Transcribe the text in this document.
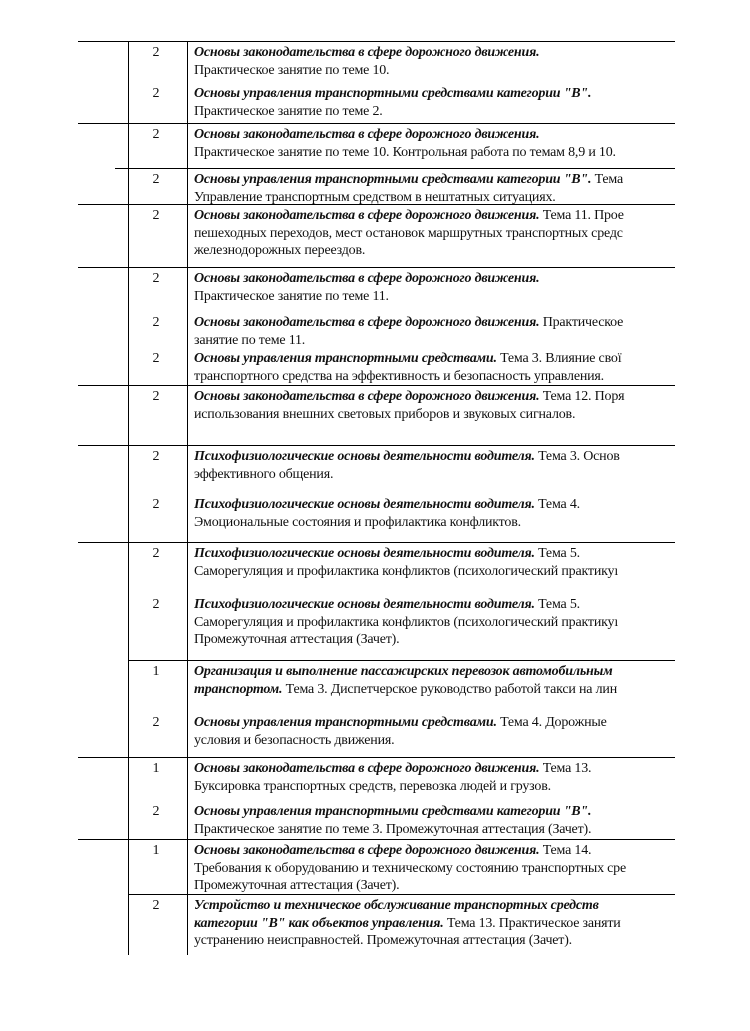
2	Основы законодательства в сфере дорожного движения.
Практическое занятие по теме 10.
2	Основы управления транспортными средствами категории "В".
Практическое занятие по теме 2.
2	Основы законодательства в сфере дорожного движения.
Практическое занятие по теме 10. Контрольная работа по темам 8,9 и 10.
2	Основы управления транспортными средствами категории "В". Тема
Управление транспортным средством в нештатных ситуациях.
2	Основы законодательства в сфере дорожного движения. Тема 11. Прое
пешеходных переходов, мест остановок маршрутных транспортных средс
железнодорожных переездов.
2	Основы законодательства в сфере дорожного движения.
Практическое занятие по теме 11.
2	Основы законодательства в сфере дорожного движения. Практическое
занятие по теме 11.
2	Основы управления транспортными средствами. Тема 3. Влияние свої
транспортного средства на эффективность и безопасность управления.
2	Основы законодательства в сфере дорожного движения. Тема 12. Поря
использования внешних световых приборов и звуковых сигналов.
2	Психофизиологические основы деятельности водителя. Тема 3. Основ
эффективного общения.
2	Психофизиологические основы деятельности водителя. Тема 4.
Эмоциональные состояния и профилактика конфликтов.
2	Психофизиологические основы деятельности водителя. Тема 5.
Саморегуляция и профилактика конфликтов (психологический практикуı
2	Психофизиологические основы деятельности водителя. Тема 5.
Саморегуляция и профилактика конфликтов (психологический практикуı
Промежуточная аттестация (Зачет).
1	Организация и выполнение пассажирских перевозок автомобильным
транспортом. Тема 3. Диспетчерское руководство работой такси на лин
2	Основы управления транспортными средствами. Тема 4. Дорожные
условия и безопасность движения.
1	Основы законодательства в сфере дорожного движения. Тема 13.
Буксировка транспортных средств, перевозка людей и грузов.
2	Основы управления транспортными средствами категории "В".
Практическое занятие по теме 3. Промежуточная аттестация (Зачет).
1	Основы законодательства в сфере дорожного движения. Тема 14.
Требования к оборудованию и техническому состоянию транспортных сре
Промежуточная аттестация (Зачет).
2	Устройство и техническое обслуживание транспортных средств
категории "В" как объектов управления. Тема 13. Практическое заняти
устранению неисправностей. Промежуточная аттестация (Зачет).
